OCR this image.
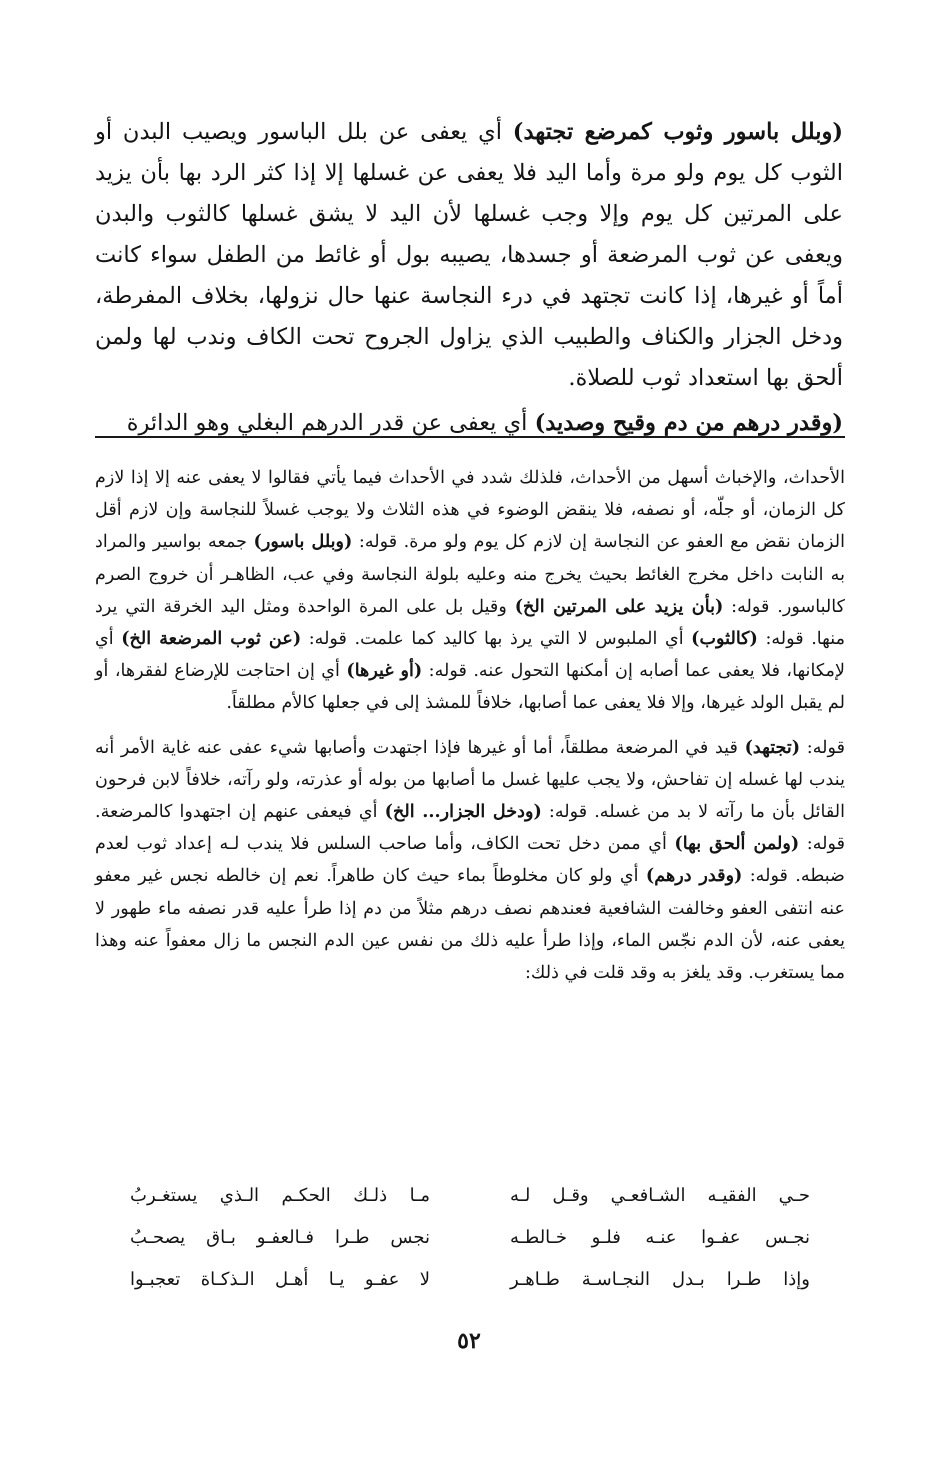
(وبلل باسور وثوب كمرضع تجتهد) أي يعفى عن بلل الباسور ويصيب البدن أو الثوب كل يوم ولو مرة وأما اليد فلا يعفى عن غسلها إلا إذا كثر الرد بها بأن يزيد على المرتين كل يوم وإلا وجب غسلها لأن اليد لا يشق غسلها كالثوب والبدن ويعفى عن ثوب المرضعة أو جسدها، يصيبه بول أو غائط من الطفل سواء كانت أماً أو غيرها، إذا كانت تجتهد في درء النجاسة عنها حال نزولها، بخلاف المفرطة، ودخل الجزار والكناف والطبيب الذي يزاول الجروح تحت الكاف وندب لها ولمن ألحق بها استعداد ثوب للصلاة.

(وقدر درهم من دم وقيح وصديد) أي يعفى عن قدر الدرهم البغلي وهو الدائرة

الأحداث، والإخباث أسهل من الأحداث، فلذلك شدد في الأحداث فيما يأتي فقالوا لا يعفى عنه إلا إذا لازم كل الزمان، أو جلّه، أو نصفه، فلا ينقض الوضوء في هذه الثلاث ولا يوجب غسلاً للنجاسة وإن لازم أقل الزمان نقض مع العفو عن النجاسة إن لازم كل يوم ولو مرة. قوله: (وبلل باسور) جمعه بواسير والمراد به النابت داخل مخرج الغائط بحيث يخرج منه وعليه بلولة النجاسة وفي عب، الظاهـر أن خروج الصرم كالباسور. قوله: (بأن يزيد على المرتين الخ) وقيل بل على المرة الواحدة ومثل اليد الخرقة التي يرد منها. قوله: (كالثوب) أي الملبوس لا التي يرذ بها كاليد كما علمت. قوله: (عن ثوب المرضعة الخ) أي لإمكانها، فلا يعفى عما أصابه إن أمكنها التحول عنه. قوله: (أو غيرها) أي إن احتاجت للإرضاع لفقرها، أو لم يقبل الولد غيرها، وإلا فلا يعفى عما أصابها، خلافاً للمشذ إلى في جعلها كالأم مطلقاً.

قوله: (تجتهد) قيد في المرضعة مطلقاً، أما أو غيرها فإذا اجتهدت وأصابها شيء عفى عنه غاية الأمر أنه يندب لها غسله إن تفاحش، ولا يجب عليها غسل ما أصابها من بوله أو عذرته، ولو رآته، خلافاً لابن فرحون القائل بأن ما رآته لا بد من غسله. قوله: (ودخل الجزار... الخ) أي فيعفى عنهم إن اجتهدوا كالمرضعة. قوله: (ولمن ألحق بها) أي ممن دخل تحت الكاف، وأما صاحب السلس فلا يندب لـه إعداد ثوب لعدم ضبطه. قوله: (وقدر درهم) أي ولو كان مخلوطاً بماء حيث كان طاهراً. نعم إن خالطه نجس غير معفو عنه انتفى العفو وخالفت الشافعية فعندهم نصف درهم مثلاً من دم إذا طرأ عليه قدر نصفه ماء طهور لا يعفى عنه، لأن الدم نجّس الماء، وإذا طرأ عليه ذلك من نفس عين الدم النجس ما زال معفواً عنه وهذا مما يستغرب. وقد يلغز به وقد قلت في ذلك:

حـي الفقيـه الشـافعـي وقـل لـه
مـا ذلـك الحكـم الـذي يستغـربُ
نجـس عفـوا عنـه فلـو خـالطـه
نجس طـرا فـالعفـو بـاق يصحـبُ
وإذا طـرا بـدل النجـاسـة طـاهـر
لا عفـو يـا أهـل الـذكـاة تعجبـوا
٥٢
